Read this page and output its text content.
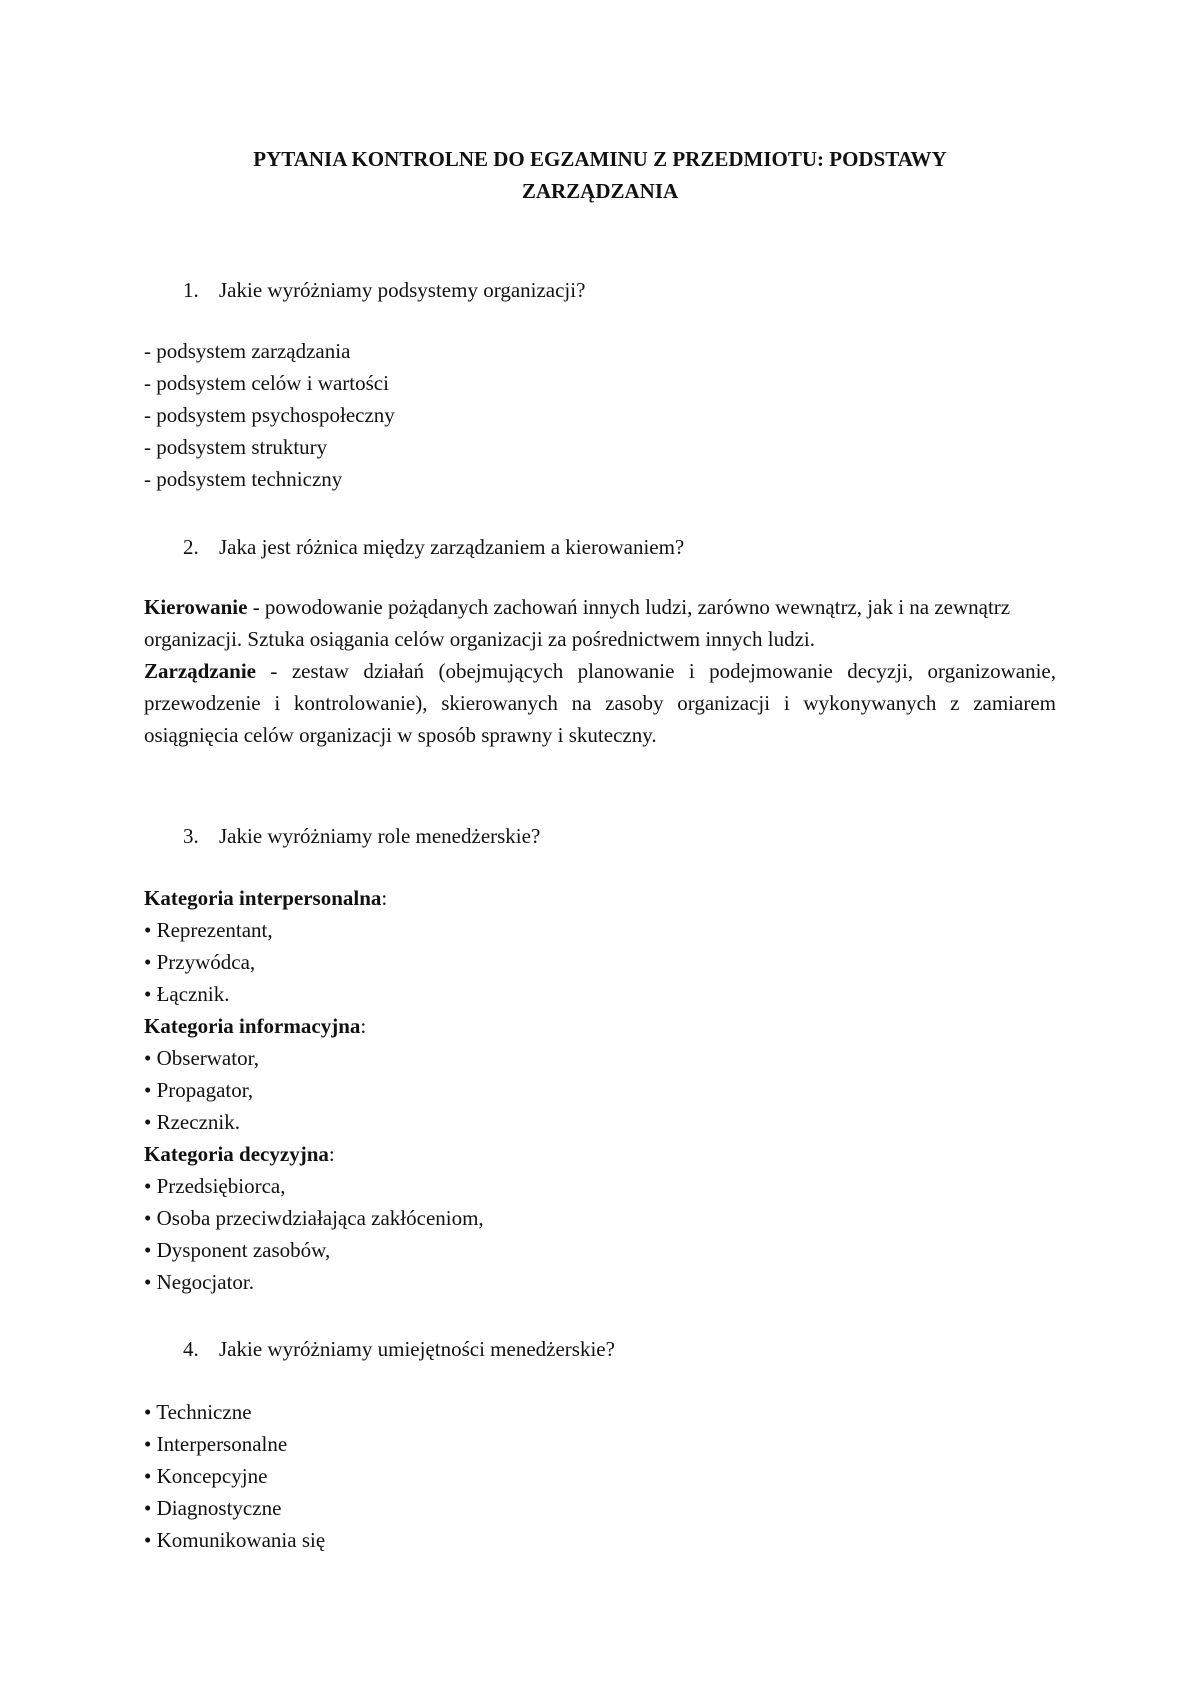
PYTANIA KONTROLNE DO EGZAMINU Z PRZEDMIOTU: PODSTAWY
ZARZĄDZANIA
1. Jakie wyróżniamy podsystemy organizacji?
- podsystem zarządzania
- podsystem celów i wartości
- podsystem psychospołeczny
- podsystem struktury
- podsystem techniczny
2. Jaka jest różnica między zarządzaniem a kierowaniem?
Kierowanie - powodowanie pożądanych zachowań innych ludzi, zarówno wewnątrz, jak i na zewnątrz organizacji. Sztuka osiągania celów organizacji za pośrednictwem innych ludzi.
Zarządzanie - zestaw działań (obejmujących planowanie i podejmowanie decyzji, organizowanie, przewodzenie i kontrolowanie), skierowanych na zasoby organizacji i wykonywanych z zamiarem osiągnięcia celów organizacji w sposób sprawny i skuteczny.
3. Jakie wyróżniamy role menedżerskie?
Kategoria interpersonalna:
• Reprezentant,
• Przywódca,
• Łącznik.
Kategoria informacyjna:
• Obserwator,
• Propagator,
• Rzecznik.
Kategoria decyzyjna:
• Przedsiębiorca,
• Osoba przeciwdziałająca zakłóceniom,
• Dysponent zasobów,
• Negocjator.
4. Jakie wyróżniamy umiejętności menedżerskie?
• Techniczne
• Interpersonalne
• Koncepcyjne
• Diagnostyczne
• Komunikowania się
